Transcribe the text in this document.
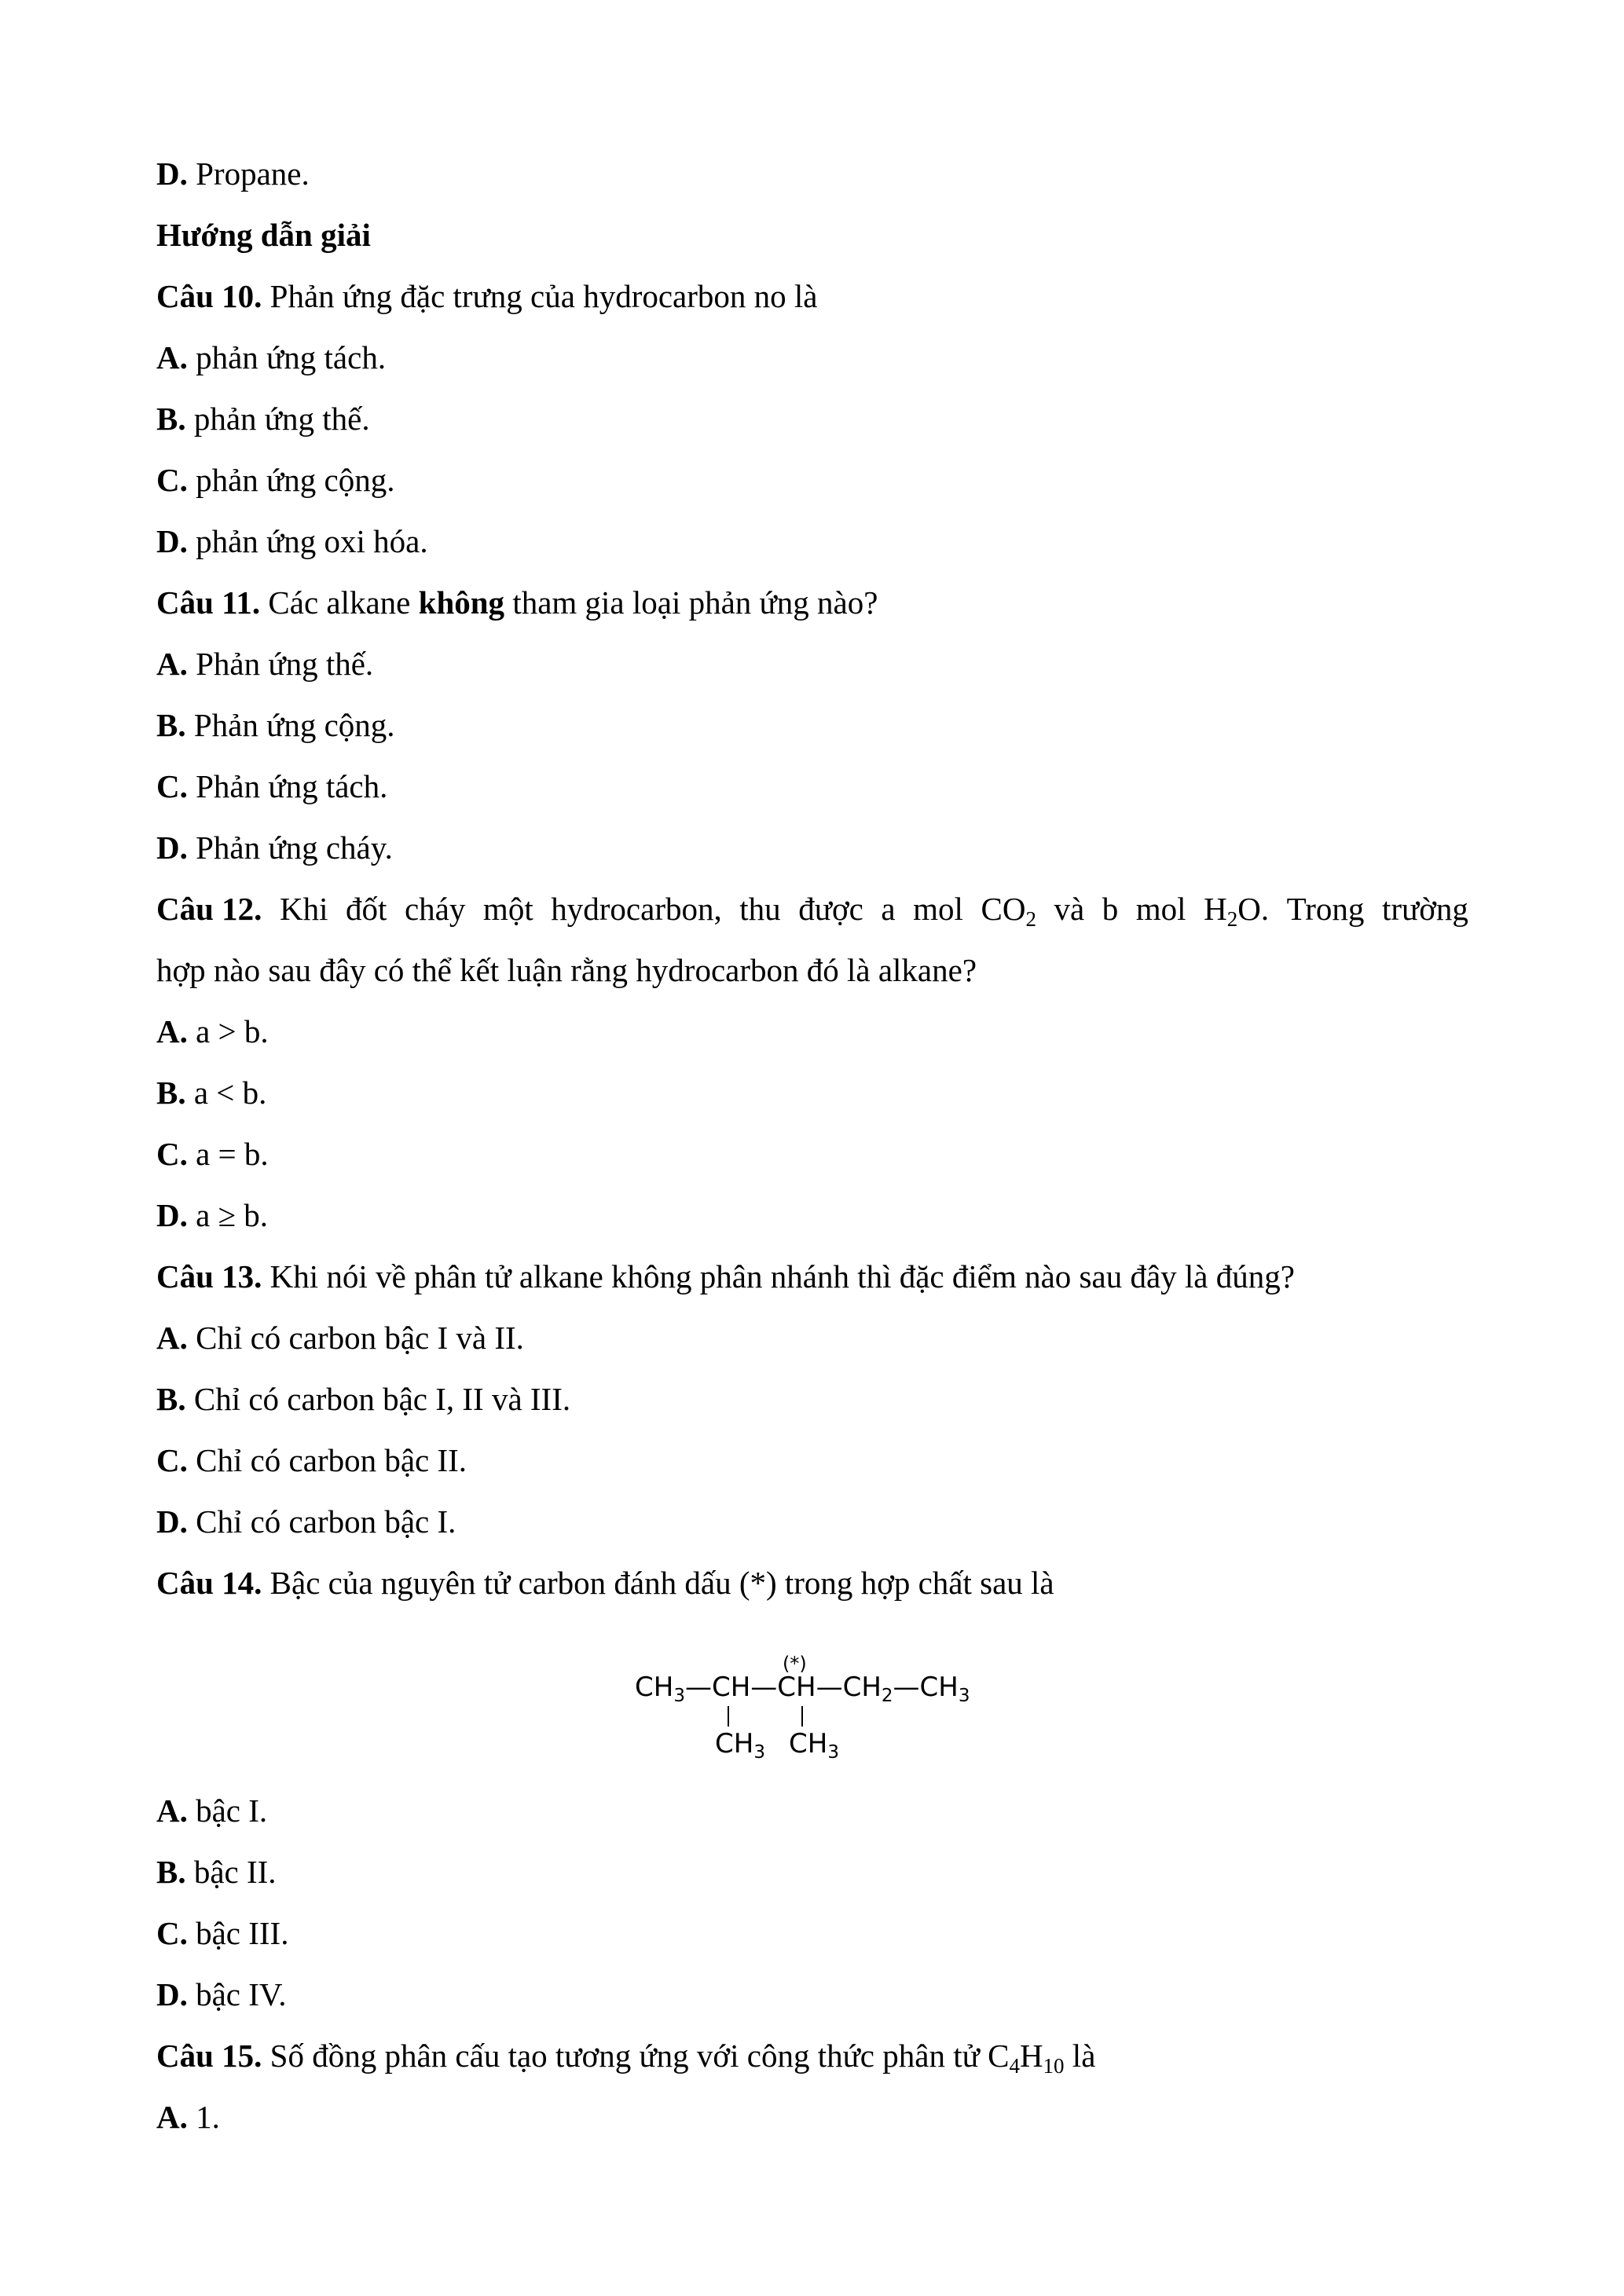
D. Propane.
Hướng dẫn giải
Câu 10. Phản ứng đặc trưng của hydrocarbon no là
A. phản ứng tách.
B. phản ứng thế.
C. phản ứng cộng.
D. phản ứng oxi hóa.
Câu 11. Các alkane không tham gia loại phản ứng nào?
A. Phản ứng thế.
B. Phản ứng cộng.
C. Phản ứng tách.
D. Phản ứng cháy.
Câu 12. Khi đốt cháy một hydrocarbon, thu được a mol $CO_2$ và b mol $H_2O$. Trong trường
hợp nào sau đây có thể kết luận rằng hydrocarbon đó là alkane?
A. a > b.
B. a < b.
C. a = b.
D. a ≥ b.
Câu 13. Khi nói về phân tử alkane không phân nhánh thì đặc điểm nào sau đây là đúng?
A. Chỉ có carbon bậc I và II.
B. Chỉ có carbon bậc I, II và III.
C. Chỉ có carbon bậc II.
D. Chỉ có carbon bậc I.
Câu 14. Bậc của nguyên tử carbon đánh dấu (*) trong hợp chất sau là
(*)
$CH_3—CH—CH—CH_2—CH_3$
$CH_3$ $CH_3$
A. bậc I.
B. bậc II.
C. bậc III.
D. bậc IV.
Câu 15. Số đồng phân cấu tạo tương ứng với công thức phân tử $C_4H_{10}$ là
A. 1.
